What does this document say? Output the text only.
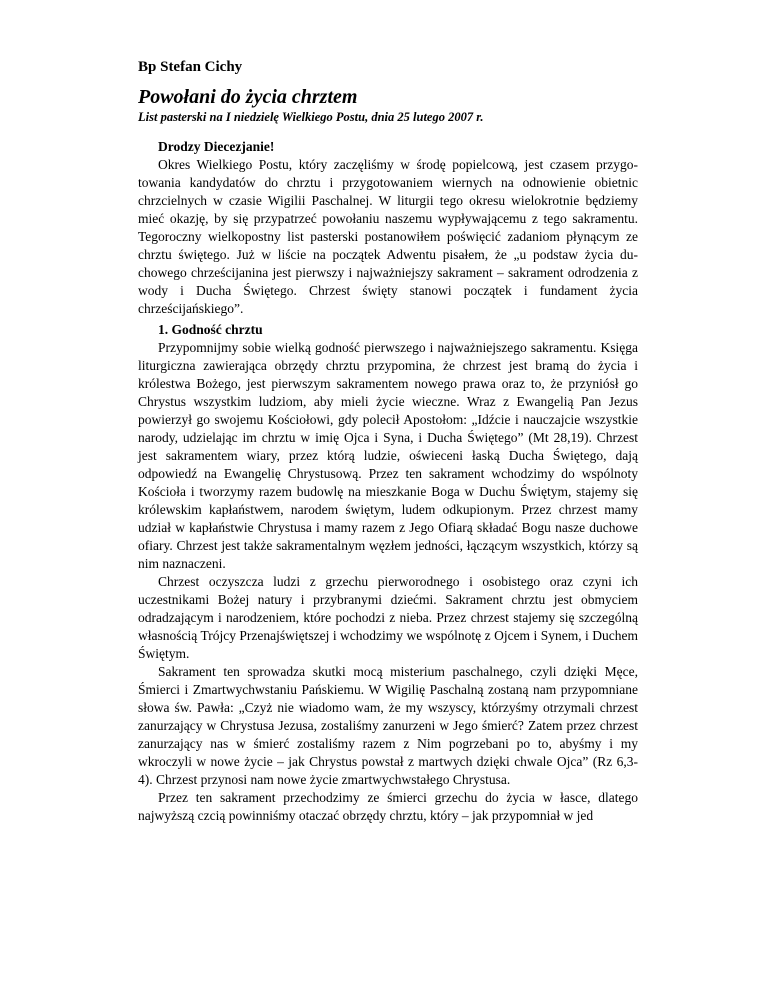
Bp Stefan Cichy

Powołani do życia chrztem

List pasterski na I niedzielę Wielkiego Postu, dnia 25 lutego 2007 r.

Drodzy Diecezjanie!

Okres Wielkiego Postu, który zaczęliśmy w środę popielcową, jest czasem przygotowania kandydatów do chrztu i przygotowaniem wiernych na odnowienie obietnic chrzcielnych w czasie Wigilii Paschalnej. W liturgii tego okresu wielokrotnie będziemy mieć okazję, by się przypatrzeć powołaniu naszemu wypływającemu z tego sakramentu. Tegoroczny wielkopostny list pasterski postanowiłem poświęcić zadaniom płynącym ze chrztu świętego. Już w liście na początek Adwentu pisałem, że „u podstaw życia duchowego chrześcijanina jest pierwszy i najważniejszy sakrament – sakrament odrodzenia z wody i Ducha Świętego. Chrzest święty stanowi początek i fundament życia chrześcijańskiego”.

1. Godność chrztu

Przypomnijmy sobie wielką godność pierwszego i najważniejszego sakramentu. Księga liturgiczna zawierająca obrzędy chrztu przypomina, że chrzest jest bramą do życia i królestwa Bożego, jest pierwszym sakramentem nowego prawa oraz to, że przyniósł go Chrystus wszystkim ludziom, aby mieli życie wieczne. Wraz z Ewangelią Pan Jezus powierzył go swojemu Kościołowi, gdy polecił Apostołom: „Idźcie i nauczajcie wszystkie narody, udzielając im chrztu w imię Ojca i Syna, i Ducha Świętego” (Mt 28,19). Chrzest jest sakramentem wiary, przez którą ludzie, oświeceni łaską Ducha Świętego, dają odpowiedź na Ewangelię Chrystusową. Przez ten sakrament wchodzimy do wspólnoty Kościoła i tworzymy razem budowlę na mieszkanie Boga w Duchu Świętym, stajemy się królewskim kapłaństwem, narodem świętym, ludem odkupionym. Przez chrzest mamy udział w kapłaństwie Chrystusa i mamy razem z Jego Ofiarą składać Bogu nasze duchowe ofiary. Chrzest jest także sakramentalnym węzłem jedności, łączącym wszystkich, którzy są nim naznaczeni.

Chrzest oczyszcza ludzi z grzechu pierworodnego i osobistego oraz czyni ich uczestnikami Bożej natury i przybranymi dziećmi. Sakrament chrztu jest obmyciem odradzającym i narodzeniem, które pochodzi z nieba. Przez chrzest stajemy się szczególną własnością Trójcy Przenajświętszej i wchodzimy we wspólnotę z Ojcem i Synem, i Duchem Świętym.

Sakrament ten sprowadza skutki mocą misterium paschalnego, czyli dzięki Męce, Śmierci i Zmartwychwstaniu Pańskiemu. W Wigilię Paschalną zostaną nam przypomniane słowa św. Pawła: „Czyż nie wiadomo wam, że my wszyscy, którzyśmy otrzymali chrzest zanurzający w Chrystusa Jezusa, zostaliśmy zanurzeni w Jego śmierć? Zatem przez chrzest zanurzający nas w śmierć zostaliśmy razem z Nim pogrzebani po to, abyśmy i my wkroczyli w nowe życie – jak Chrystus powstał z martwych dzięki chwale Ojca” (Rz 6,3-4). Chrzest przynosi nam nowe życie zmartwychwstałego Chrystusa.

Przez ten sakrament przechodzimy ze śmierci grzechu do życia w łasce, dlatego najwyższą czcią powinniśmy otaczać obrzędy chrztu, który – jak przypomniał w jed
